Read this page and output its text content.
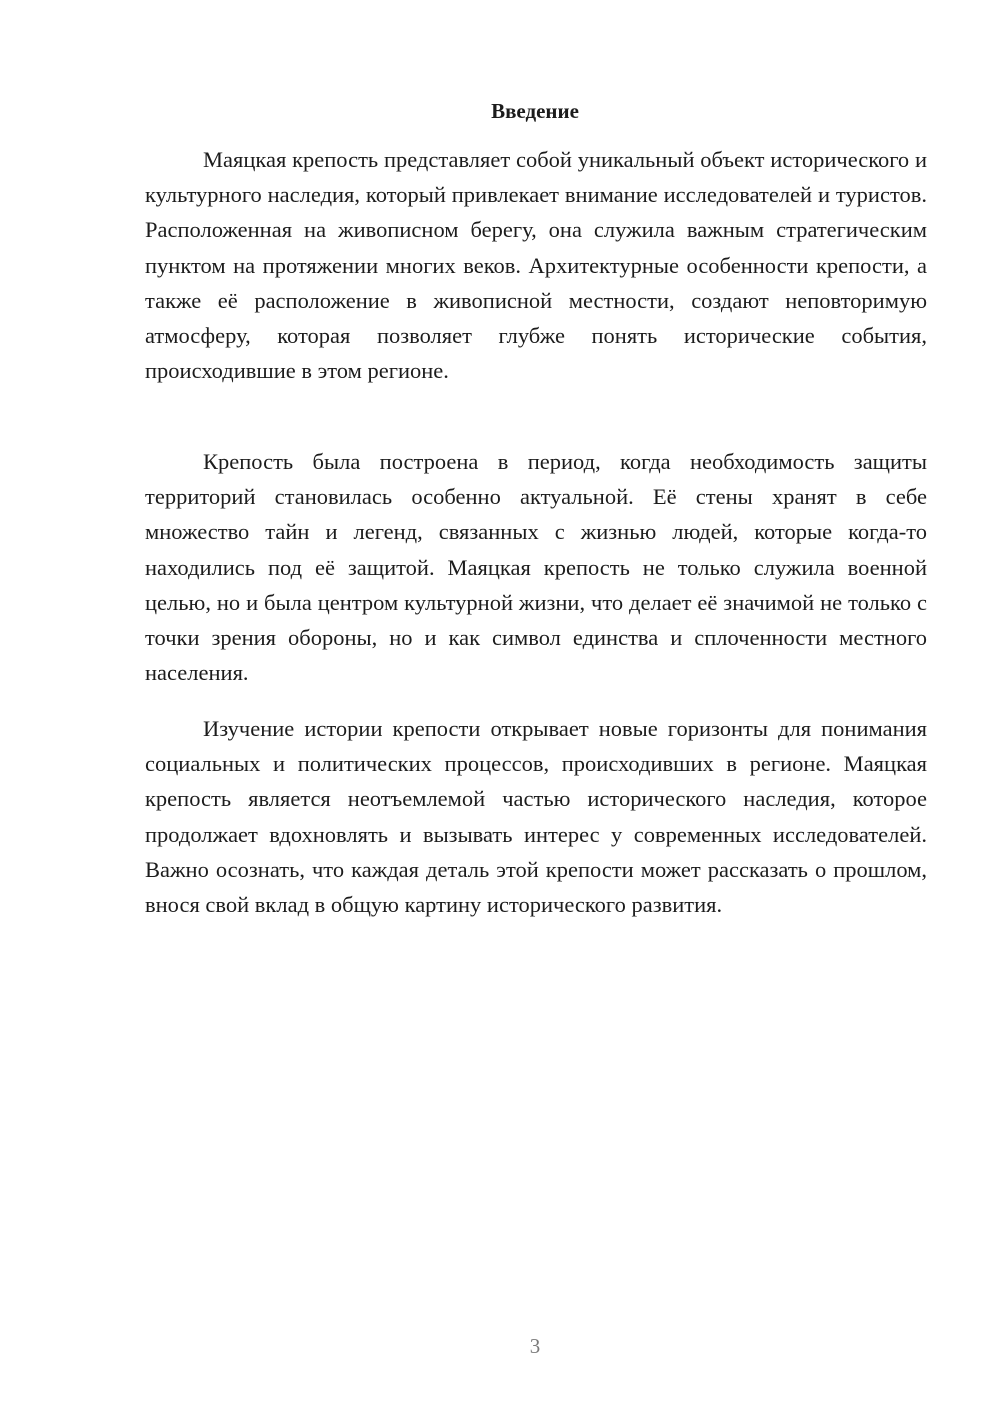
Введение

Маяцкая крепость представляет собой уникальный объект исторического и культурного наследия, который привлекает внимание исследователей и туристов. Расположенная на живописном берегу, она служила важным стратегическим пунктом на протяжении многих веков. Архитектурные особенности крепости, а также её расположение в живописной местности, создают неповторимую атмосферу, которая позволяет глубже понять исторические события, происходившие в этом регионе.

Крепость была построена в период, когда необходимость защиты территорий становилась особенно актуальной. Её стены хранят в себе множество тайн и легенд, связанных с жизнью людей, которые когда-то находились под её защитой. Маяцкая крепость не только служила военной целью, но и была центром культурной жизни, что делает её значимой не только с точки зрения обороны, но и как символ единства и сплоченности местного населения.

Изучение истории крепости открывает новые горизонты для понимания социальных и политических процессов, происходивших в регионе. Маяцкая крепость является неотъемлемой частью исторического наследия, которое продолжает вдохновлять и вызывать интерес у современных исследователей. Важно осознать, что каждая деталь этой крепости может рассказать о прошлом, внося свой вклад в общую картину исторического развития.

3
